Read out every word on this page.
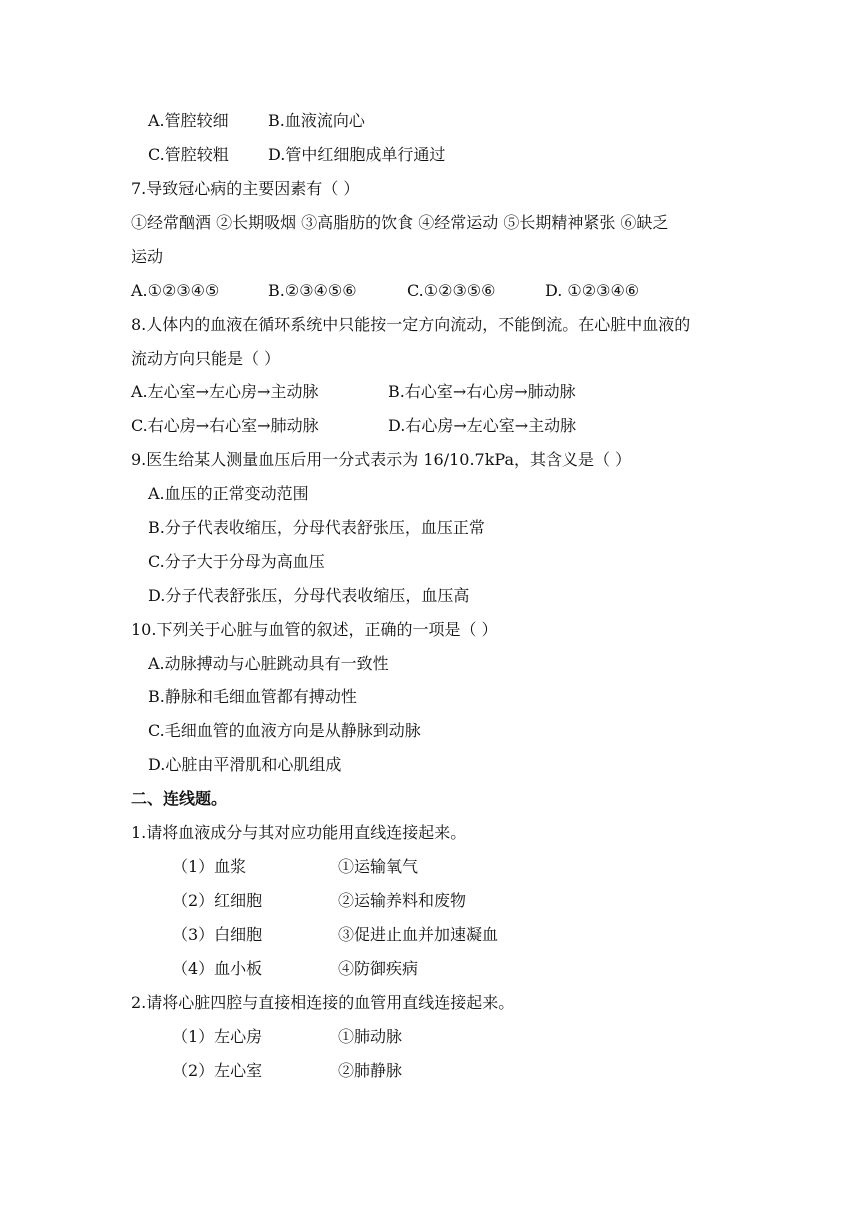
A.管腔较细 B.血液流向心
C.管腔较粗 D.管中红细胞成单行通过
7.导致冠心病的主要因素有（ ）
①经常酗酒 ②长期吸烟 ③高脂肪的饮食 ④经常运动 ⑤长期精神紧张 ⑥缺乏
运动
A.①②③④⑤	B.②③④⑤⑥	C.①②③⑤⑥	D. ①②③④⑥
8.人体内的血液在循环系统中只能按一定方向流动，不能倒流。在心脏中血液的
流动方向只能是（ ）
A.左心室→左心房→主动脉	B.右心室→右心房→肺动脉
C.右心房→右心室→肺动脉	D.右心房→左心室→主动脉
9.医生给某人测量血压后用一分式表示为 16/10.7kPa，其含义是（ ）
A.血压的正常变动范围
B.分子代表收缩压，分母代表舒张压，血压正常
C.分子大于分母为高血压
D.分子代表舒张压，分母代表收缩压，血压高
10.下列关于心脏与血管的叙述，正确的一项是（ ）
A.动脉搏动与心脏跳动具有一致性
B.静脉和毛细血管都有搏动性
C.毛细血管的血液方向是从静脉到动脉
D.心脏由平滑肌和心肌组成
二、连线题。
1.请将血液成分与其对应功能用直线连接起来。
（1）血浆	①运输氧气
（2）红细胞	②运输养料和废物
（3）白细胞	③促进止血并加速凝血
（4）血小板	④防御疾病
2.请将心脏四腔与直接相连接的血管用直线连接起来。
（1）左心房	①肺动脉
（2）左心室	②肺静脉
